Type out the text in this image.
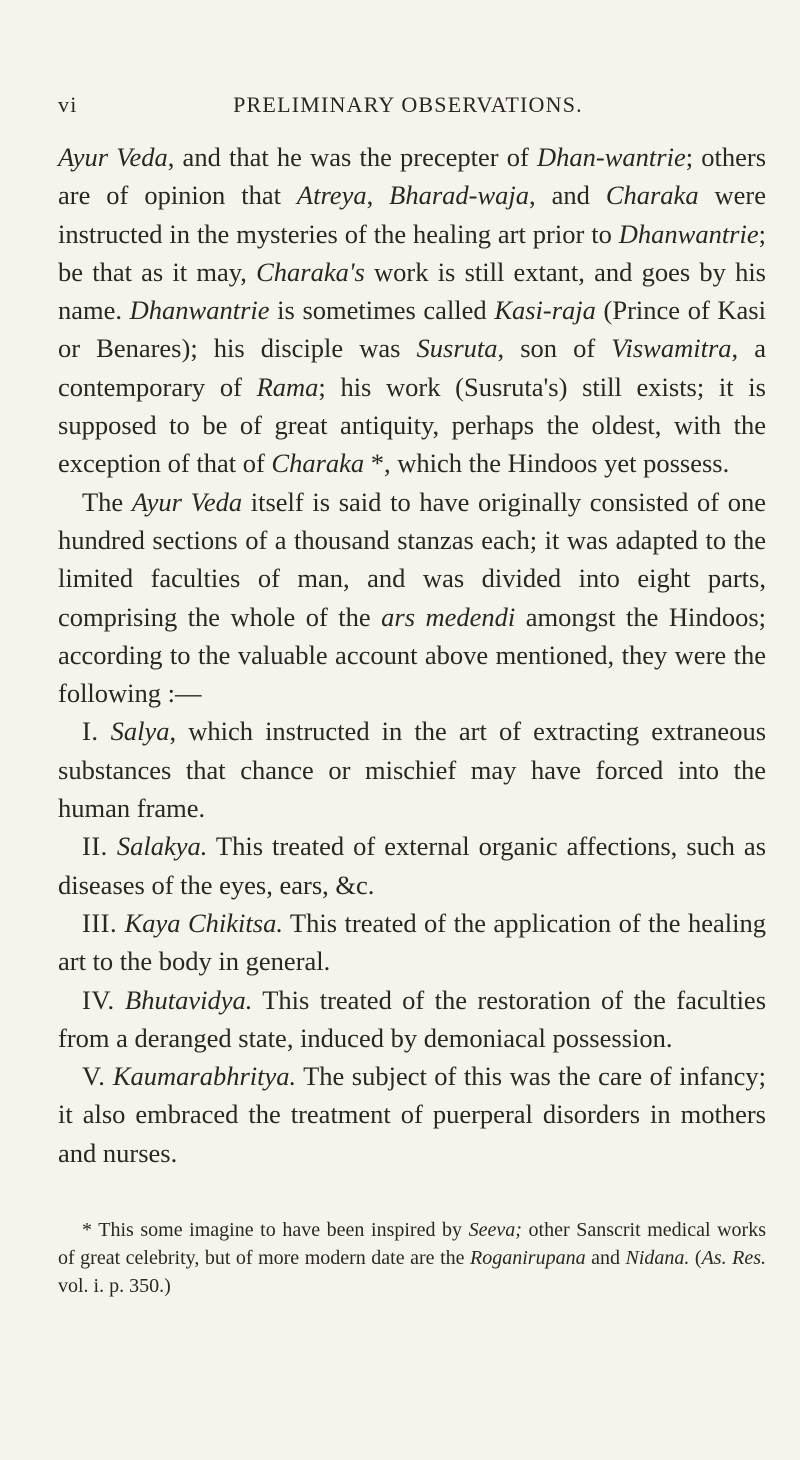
vi	PRELIMINARY OBSERVATIONS.

Ayur Veda, and that he was the precepter of Dhan-wantrie; others are of opinion that Atreya, Bharad-waja, and Charaka were instructed in the mysteries of the healing art prior to Dhanwantrie; be that as it may, Charaka's work is still extant, and goes by his name. Dhanwantrie is sometimes called Kasi-raja (Prince of Kasi or Benares); his disciple was Susruta, son of Viswamitra, a contemporary of Rama; his work (Susruta's) still exists; it is supposed to be of great antiquity, perhaps the oldest, with the exception of that of Charaka *, which the Hindoos yet possess.

The Ayur Veda itself is said to have originally consisted of one hundred sections of a thousand stanzas each; it was adapted to the limited faculties of man, and was divided into eight parts, comprising the whole of the ars medendi amongst the Hindoos; according to the valuable account above mentioned, they were the following :—

I. Salya, which instructed in the art of extracting extraneous substances that chance or mischief may have forced into the human frame.

II. Salakya. This treated of external organic affections, such as diseases of the eyes, ears, &c.

III. Kaya Chikitsa. This treated of the application of the healing art to the body in general.

IV. Bhutavidya. This treated of the restoration of the faculties from a deranged state, induced by demoniacal possession.

V. Kaumarabhritya. The subject of this was the care of infancy; it also embraced the treatment of puerperal disorders in mothers and nurses.

* This some imagine to have been inspired by Seeva; other Sanscrit medical works of great celebrity, but of more modern date are the Roganirupana and Nidana. (As. Res. vol. i. p. 350.)
